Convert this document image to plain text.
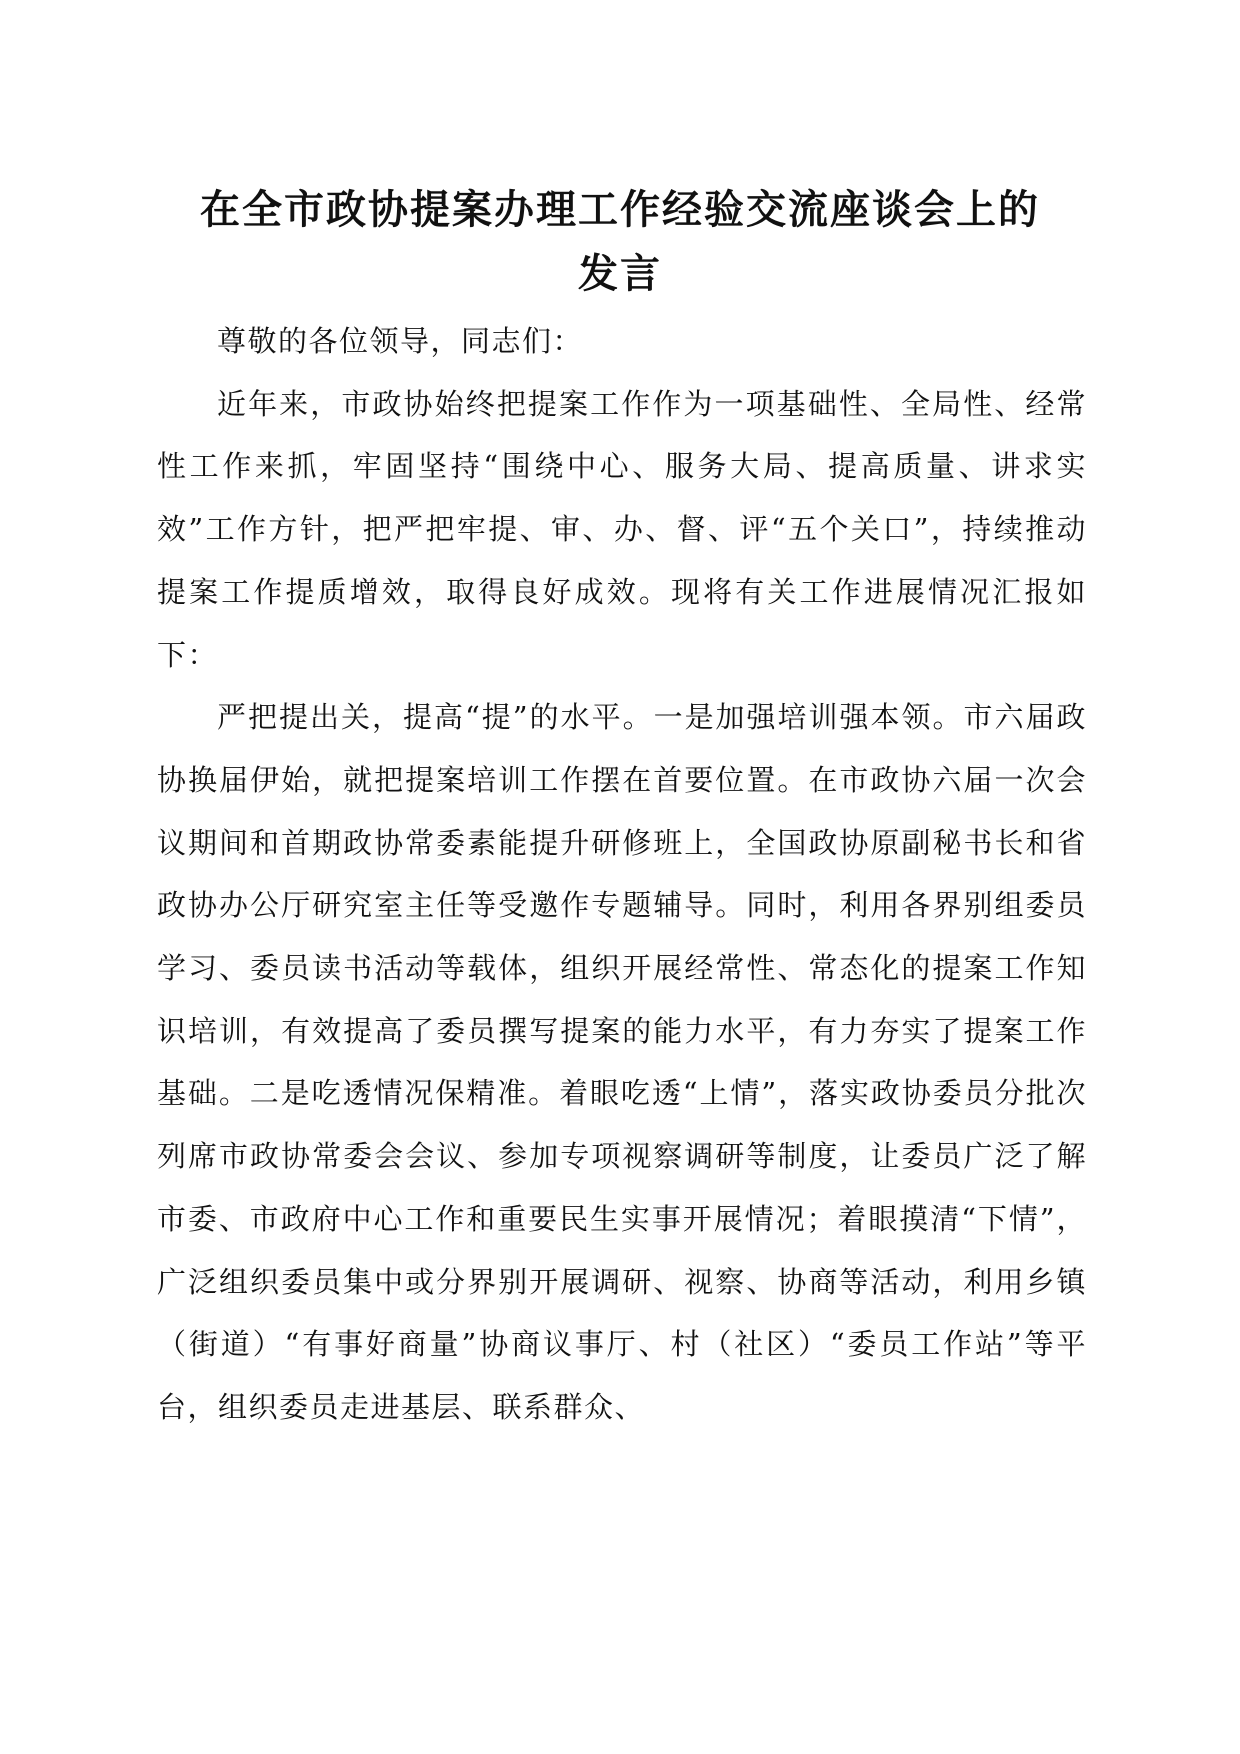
在全市政协提案办理工作经验交流座谈会上的
发言

尊敬的各位领导，同志们：

近年来，市政协始终把提案工作作为一项基础性、全局性、经常性工作来抓，牢固坚持“围绕中心、服务大局、提高质量、讲求实效”工作方针，把严把牢提、审、办、督、评“五个关口”，持续推动提案工作提质增效，取得良好成效。现将有关工作进展情况汇报如下：

严把提出关，提高“提”的水平。一是加强培训强本领。市六届政协换届伊始，就把提案培训工作摆在首要位置。在市政协六届一次会议期间和首期政协常委素能提升研修班上，全国政协原副秘书长和省政协办公厅研究室主任等受邀作专题辅导。同时，利用各界别组委员学习、委员读书活动等载体，组织开展经常性、常态化的提案工作知识培训，有效提高了委员撰写提案的能力水平，有力夯实了提案工作基础。二是吃透情况保精准。着眼吃透“上情”，落实政协委员分批次列席市政协常委会会议、参加专项视察调研等制度，让委员广泛了解市委、市政府中心工作和重要民生实事开展情况；着眼摸清“下情”，广泛组织委员集中或分界别开展调研、视察、协商等活动，利用乡镇（街道）“有事好商量”协商议事厅、村（社区）“委员工作站”等平台，组织委员走进基层、联系群众、
